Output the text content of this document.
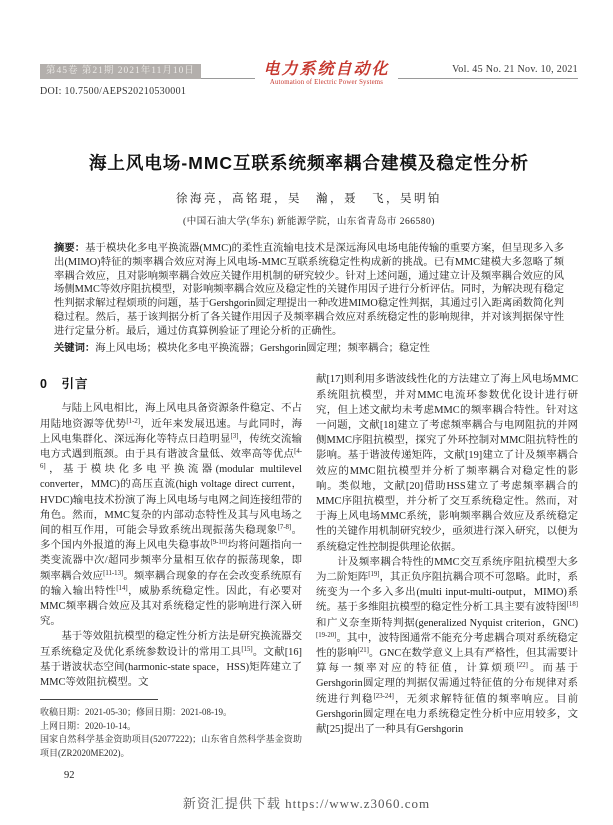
第45卷 第21期 2021年11月10日
DOI: 10.7500/AEPS20210530001
电力系统自动化
Automation of Electric Power Systems
Vol. 45 No. 21 Nov. 10, 2021
海上风电场-MMC互联系统频率耦合建模及稳定性分析
徐海亮，高铭琨，吴　瀚，聂　飞，吴明铂
(中国石油大学(华东) 新能源学院，山东省青岛市 266580)
摘要：基于模块化多电平换流器(MMC)的柔性直流输电技术是深远海风电场电能传输的重要方案，但呈现多入多出(MIMO)特征的频率耦合效应对海上风电场-MMC互联系统稳定性构成新的挑战。已有MMC建模大多忽略了频率耦合效应，且对影响频率耦合效应关键作用机制的研究较少。针对上述问题，通过建立计及频率耦合效应的风场侧MMC等效序阻抗模型，对影响频率耦合效应及稳定性的关键作用因子进行分析评估。同时，为解决现有稳定性判据求解过程烦琐的问题，基于Gershgorin圆定理提出一种改进MIMO稳定性判据，其通过引入距离函数简化判稳过程。然后，基于该判据分析了各关键作用因子及频率耦合效应对系统稳定性的影响规律，并对该判据保守性进行定量分析。最后，通过仿真算例验证了理论分析的正确性。
关键词：海上风电场；模块化多电平换流器；Gershgorin圆定理；频率耦合；稳定性
0　引言

与陆上风电相比，海上风电具备资源条件稳定、不占用陆地资源等优势[1-2]，近年来发展迅速。与此同时，海上风电集群化、深远海化等特点日趋明显[3]，传统交流输电方式遇到瓶颈。由于具有谐波含量低、效率高等优点[4-6]，基于模块化多电平换流器(modular multilevel converter，MMC)的高压直流(high voltage direct current，HVDC)输电技术扮演了海上风电场与电网之间连接纽带的角色。然而，MMC复杂的内部动态特性及其与风电场之间的相互作用，可能会导致系统出现振荡失稳现象[7-8]。多个国内外报道的海上风电失稳事故[9-10]均将问题指向一类变流器中次/超同步频率分量相互依存的振荡现象，即频率耦合效应[11-13]。频率耦合现象的存在会改变系统原有的输入输出特性[14]，威胁系统稳定性。因此，有必要对MMC频率耦合效应及其对系统稳定性的影响进行深入研究。

基于等效阻抗模型的稳定性分析方法是研究换流器交互系统稳定及优化系统参数设计的常用工具[15]。文献[16]基于谐波状态空间(harmonic-state space，HSS)矩阵建立了MMC等效阻抗模型。文

收稿日期：2021-05-30；修回日期：2021-08-19。
上网日期：2020-10-14。
国家自然科学基金资助项目(52077222)；山东省自然科学基金资助项目(ZR2020ME202)。
92

献[17]则利用多谐波线性化的方法建立了海上风电场MMC系统阻抗模型，并对MMC电流环参数优化设计进行研究，但上述文献均未考虑MMC的频率耦合特性。针对这一问题，文献[18]建立了考虑频率耦合与电网阻抗的并网侧MMC序阻抗模型，探究了外环控制对MMC阻抗特性的影响。基于谐波传递矩阵，文献[19]建立了计及频率耦合效应的MMC阻抗模型并分析了频率耦合对稳定性的影响。类似地，文献[20]借助HSS建立了考虑频率耦合的MMC序阻抗模型，并分析了交互系统稳定性。然而，对于海上风电场MMC系统，影响频率耦合效应及系统稳定性的关键作用机制研究较少，亟须进行深入研究，以便为系统稳定性控制提供理论依据。

计及频率耦合特性的MMC交互系统序阻抗模型大多为二阶矩阵[19]，其正负序阻抗耦合项不可忽略。此时，系统变为一个多入多出(multi input-multi-output，MIMO)系统。基于多维阻抗模型的稳定性分析工具主要有波特图[18]和广义奈奎斯特判据(generalized Nyquist criterion，GNC)[19-20]。其中，波特图通常不能充分考虑耦合项对系统稳定性的影响[21]。GNC在数学意义上具有严格性，但其需要计算每一频率对应的特征值，计算烦琐[22]。而基于Gershgorin圆定理的判据仅需通过特征值的分布规律对系统进行判稳[23-24]，无须求解特征值的频率响应。目前Gershgorin圆定理在电力系统稳定性分析中应用较多，文献[25]提出了一种具有Gershgorin

新资汇提供下载 https://www.z3060.com
